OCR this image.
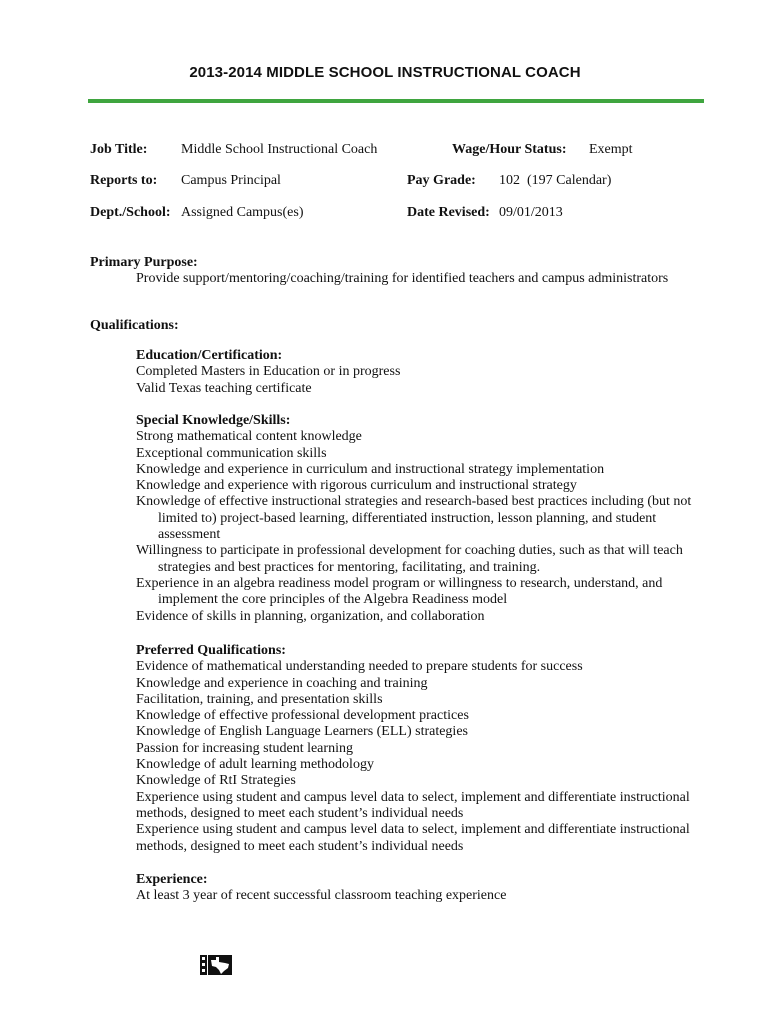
2013-2014 MIDDLE SCHOOL INSTRUCTIONAL COACH
Job Title: Middle School Instructional Coach	Wage/Hour Status: Exempt
Reports to: Campus Principal	Pay Grade: 102  (197 Calendar)
Dept./School: Assigned Campus(es)	Date Revised: 09/01/2013
Primary Purpose:
Provide support/mentoring/coaching/training for identified teachers and campus administrators
Qualifications:
Education/Certification:
Completed Masters in Education or in progress
Valid Texas teaching certificate
Special Knowledge/Skills:
Strong mathematical content knowledge
Exceptional communication skills
Knowledge and experience in curriculum and instructional strategy implementation
Knowledge and experience with rigorous curriculum and instructional strategy
Knowledge of effective instructional strategies and research-based best practices including (but not
limited to) project-based learning, differentiated instruction, lesson planning, and student
assessment
Willingness to participate in professional development for coaching duties, such as that will teach
strategies and best practices for mentoring, facilitating, and training.
Experience in an algebra readiness model program or willingness to research, understand, and
implement the core principles of the Algebra Readiness model
Evidence of skills in planning, organization, and collaboration
Preferred Qualifications:
Evidence of mathematical understanding needed to prepare students for success
Knowledge and experience in coaching and training
Facilitation, training, and presentation skills
Knowledge of effective professional development practices
Knowledge of English Language Learners (ELL) strategies
Passion for increasing student learning
Knowledge of adult learning methodology
Knowledge of RtI Strategies
Experience using student and campus level data to select, implement and differentiate instructional
methods, designed to meet each student’s individual needs
Experience using student and campus level data to select, implement and differentiate instructional
methods, designed to meet each student’s individual needs
Experience:
At least 3 year of recent successful classroom teaching experience
